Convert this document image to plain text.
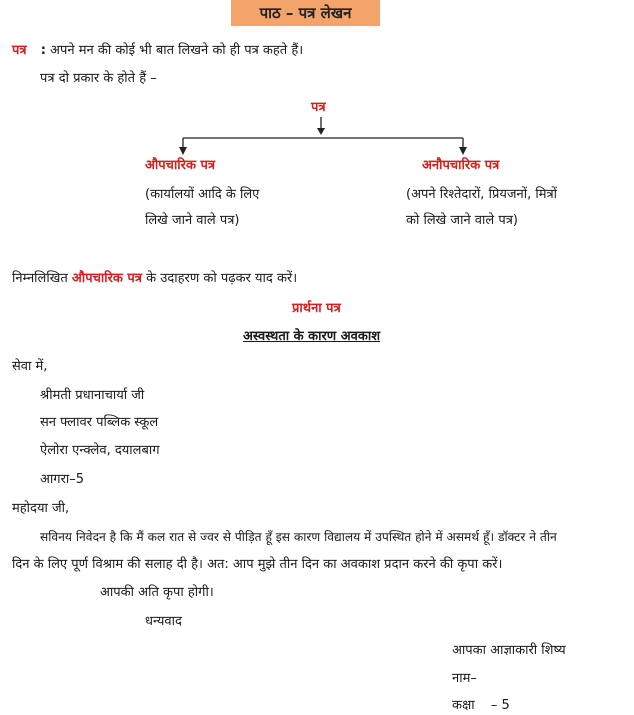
पाठ – पत्र लेखन
पत्र : अपने मन की कोई भी बात लिखने को ही पत्र कहते हैं।
पत्र दो प्रकार के होते हैं –
पत्र
औपचारिक पत्र
(कार्यालयों आदि के लिए
लिखे जाने वाले पत्र)
अनौपचारिक पत्र
(अपने रिश्तेदारों, प्रियजनों, मित्रों
को लिखे जाने वाले पत्र)
निम्नलिखित औपचारिक पत्र के उदाहरण को पढ़कर याद करें।
प्रार्थना पत्र
अस्वस्थता के कारण अवकाश
सेवा में,
श्रीमती प्रधानाचार्या जी
सन फ्लावर पब्लिक स्कूल
ऐलोरा एन्क्लेव, दयालबाग
आगरा–5
महोदया जी,
सविनय निवेदन है कि मैं कल रात से ज्वर से पीड़ित हूँ इस कारण विद्यालय में उपस्थित होने में असमर्थ हूँ। डॉक्टर ने तीन
दिन के लिए पूर्ण विश्राम की सलाह दी है। अत: आप मुझे तीन दिन का अवकाश प्रदान करने की कृपा करें।
आपकी अति कृपा होगी।
धन्यवाद
आपका आज्ञाकारी शिष्य
नाम–
कक्षा – 5
